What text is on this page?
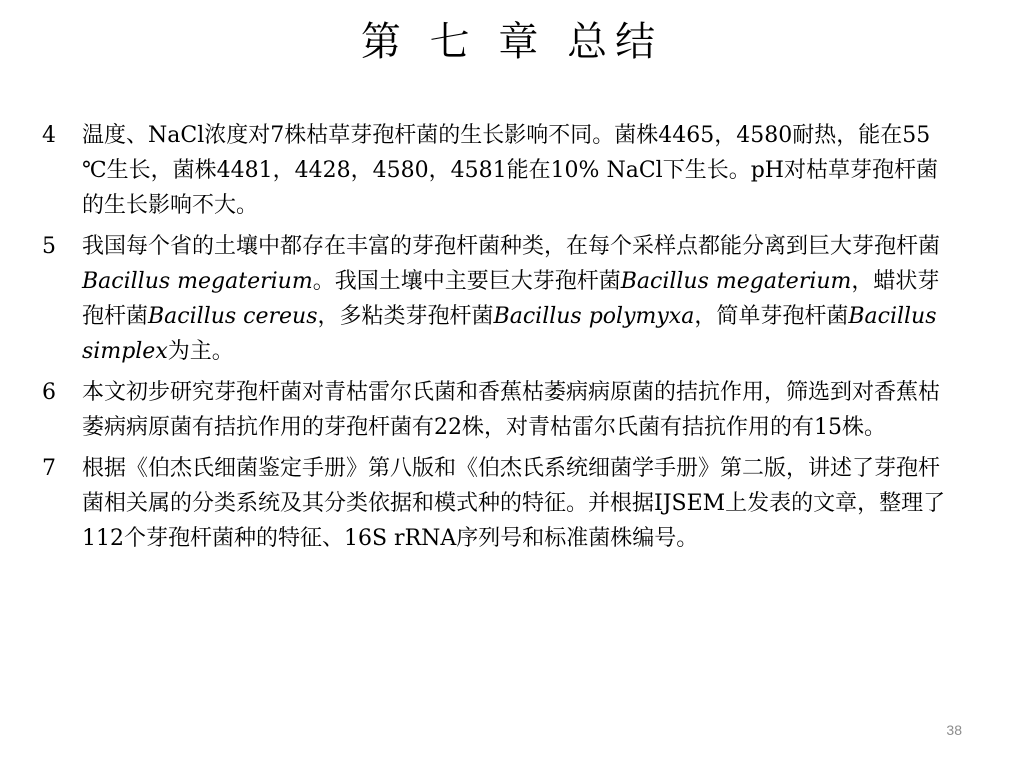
第 七 章 总结
4 温度、NaCl浓度对7株枯草芽孢杆菌的生长影响不同。菌株4465，4580耐热，能在55 ℃生长，菌株4481，4428，4580，4581能在10% NaCl下生长。pH对枯草芽孢杆菌的生长影响不大。
5 我国每个省的土壤中都存在丰富的芽孢杆菌种类，在每个采样点都能分离到巨大芽孢杆菌Bacillus megaterium。我国土壤中主要巨大芽孢杆菌Bacillus megaterium，蜡状芽孢杆菌Bacillus cereus，多粘类芽孢杆菌Bacillus polymyxa，简单芽孢杆菌Bacillus simplex为主。
6 本文初步研究芽孢杆菌对青枯雷尔氏菌和香蕉枯萎病病原菌的拮抗作用，筛选到对香蕉枯萎病病原菌有拮抗作用的芽孢杆菌有22株，对青枯雷尔氏菌有拮抗作用的有15株。
7 根据《伯杰氏细菌鉴定手册》第八版和《伯杰氏系统细菌学手册》第二版，讲述了芽孢杆菌相关属的分类系统及其分类依据和模式种的特征。并根据IJSEM上发表的文章，整理了112个芽孢杆菌种的特征、16S rRNA序列号和标准菌株编号。
38
